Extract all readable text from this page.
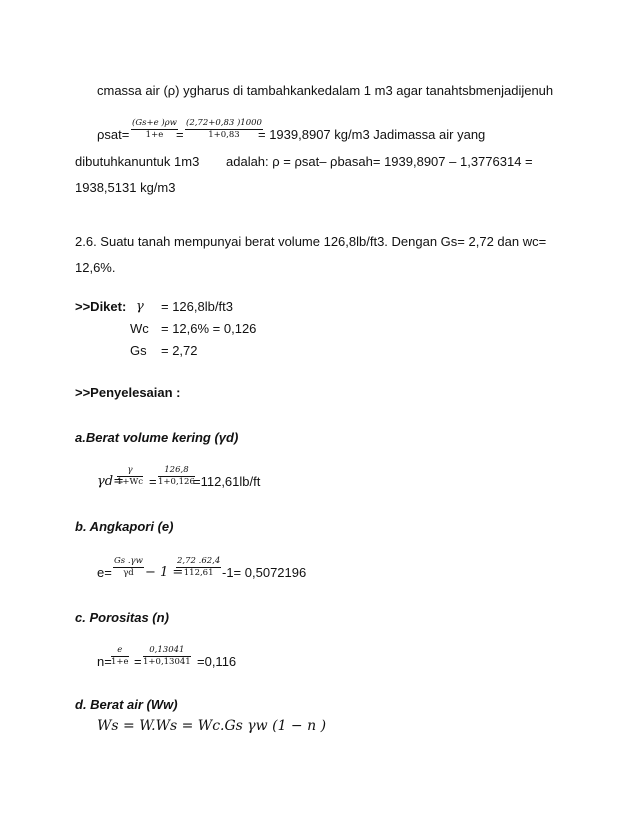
cmassa air (ρ) ygharus di tambahkankedalam 1 m3 agar tanahtsbmenjadijenuh
$\rho sat= \frac{(Gs+e )\rho w}{1+e}$
= $\frac{(2,72+0,83 )1000}{1+0,83}$
= 1939,8907 kg/m3 Jadimassa air yang
dibutuhkanuntuk 1m3 adalah: ρ = ρsat– ρbasah= 1939,8907 – 1,3776314 =
1938,5131 kg/m3
2.6. Suatu tanah mempunyai berat volume 126,8lb/ft3. Dengan Gs= 2,72 dan wc=
12,6%.
>>Diket: γ = 126,8lb/ft3
Wc = 12,6% = 0,126
Gs = 2,72
>>Penyelesaian :
a.Berat volume kering (γd)
γd=
$\frac{\gamma}{1+Wc} = \frac{126,8}{1+0,126}$
=112,61lb/ft
b. Angkapori (e)
$e= \frac{Gs .\gamma w}{\gamma d} - 1$ =
$\frac{2,72 .62,4}{112,61} -1= 0,5072196$
c. Porositas (n)
$n= \frac{e}{1+e} = \frac{0,13041}{1+0,13041} =0,116$
d. Berat air (Ww)
Ws = W.Ws = Wc.Gs γw (1 − n )
